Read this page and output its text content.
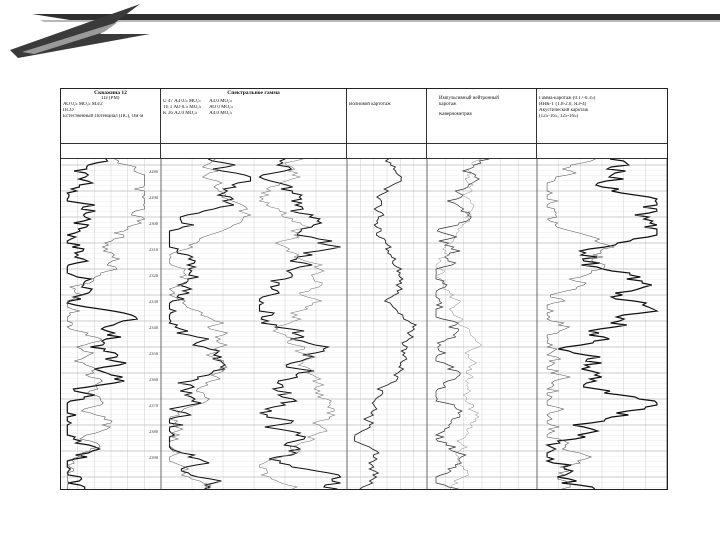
Скважина 12
ПЗ (РМ)
АО 0,5 МО,5 МЗ/2
ПСО
Естественный Потенциал (ПС), Ом·м
Спектральное гамма
U 47 АЗ 0.5 МО,5
Th 1 АО 0.5 МО,5
K 36 А2.0 МО,5
АЗ.0 МО,5
АО 0 МО,5
А4.0 МО,5
Волновой картотаж
Импульсивный нейтронный каротаж
Кавернометрия
Гамма-каротаж (0.17-0.35)
ННК-Т (1.8-2.0, ЯЭ-4)
Акустический каротаж
(125-165, 125-165)
2280
2290
2300
2310
2320
2330
2340
2350
2360
2370
2380
2390
